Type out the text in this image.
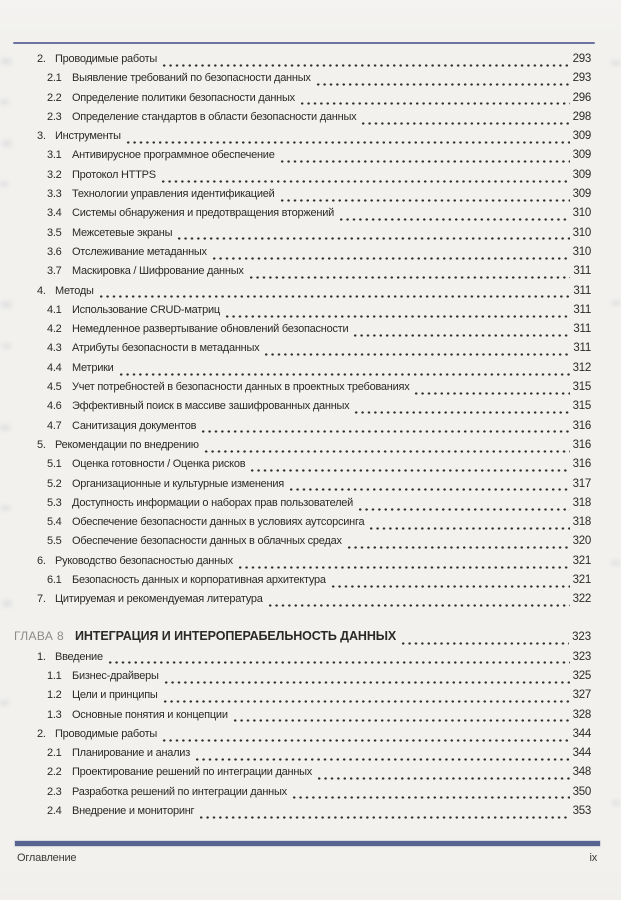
2. Проводимые работы	293
2.1 Выявление требований по безопасности данных	293
2.2 Определение политики безопасности данных	296
2.3 Определение стандартов в области безопасности данных	298
3. Инструменты	309
3.1 Антивирусное программное обеспечение	309
3.2 Протокол HTTPS	309
3.3 Технологии управления идентификацией	309
3.4 Системы обнаружения и предотвращения вторжений	310
3.5 Межсетевые экраны	310
3.6 Отслеживание метаданных	310
3.7 Маскировка / Шифрование данных	311
4. Методы	311
4.1 Использование CRUD-матриц	311
4.2 Немедленное развертывание обновлений безопасности	311
4.3 Атрибуты безопасности в метаданных	311
4.4 Метрики	312
4.5 Учет потребностей в безопасности данных в проектных требованиях	315
4.6 Эффективный поиск в массиве зашифрованных данных	315
4.7 Санитизация документов	316
5. Рекомендации по внедрению	316
5.1 Оценка готовности / Оценка рисков	316
5.2 Организационные и культурные изменения	317
5.3 Доступность информации о наборах прав пользователей	318
5.4 Обеспечение безопасности данных в условиях аутсорсинга	318
5.5 Обеспечение безопасности данных в облачных средах	320
6. Руководство безопасностью данных	321
6.1 Безопасность данных и корпоративная архитектура	321
7. Цитируемая и рекомендуемая литература	322
ГЛАВА 8 ИНТЕГРАЦИЯ И ИНТЕРОПЕРАБЕЛЬНОСТЬ ДАННЫХ	323
1. Введение	323
1.1 Бизнес-драйверы	325
1.2 Цели и принципы	327
1.3 Основные понятия и концепции	328
2. Проводимые работы	344
2.1 Планирование и анализ	344
2.2 Проектирование решений по интеграции данных	348
2.3 Разработка решений по интеграции данных	350
2.4 Внедрение и мониторинг	353
Оглавление	ix
